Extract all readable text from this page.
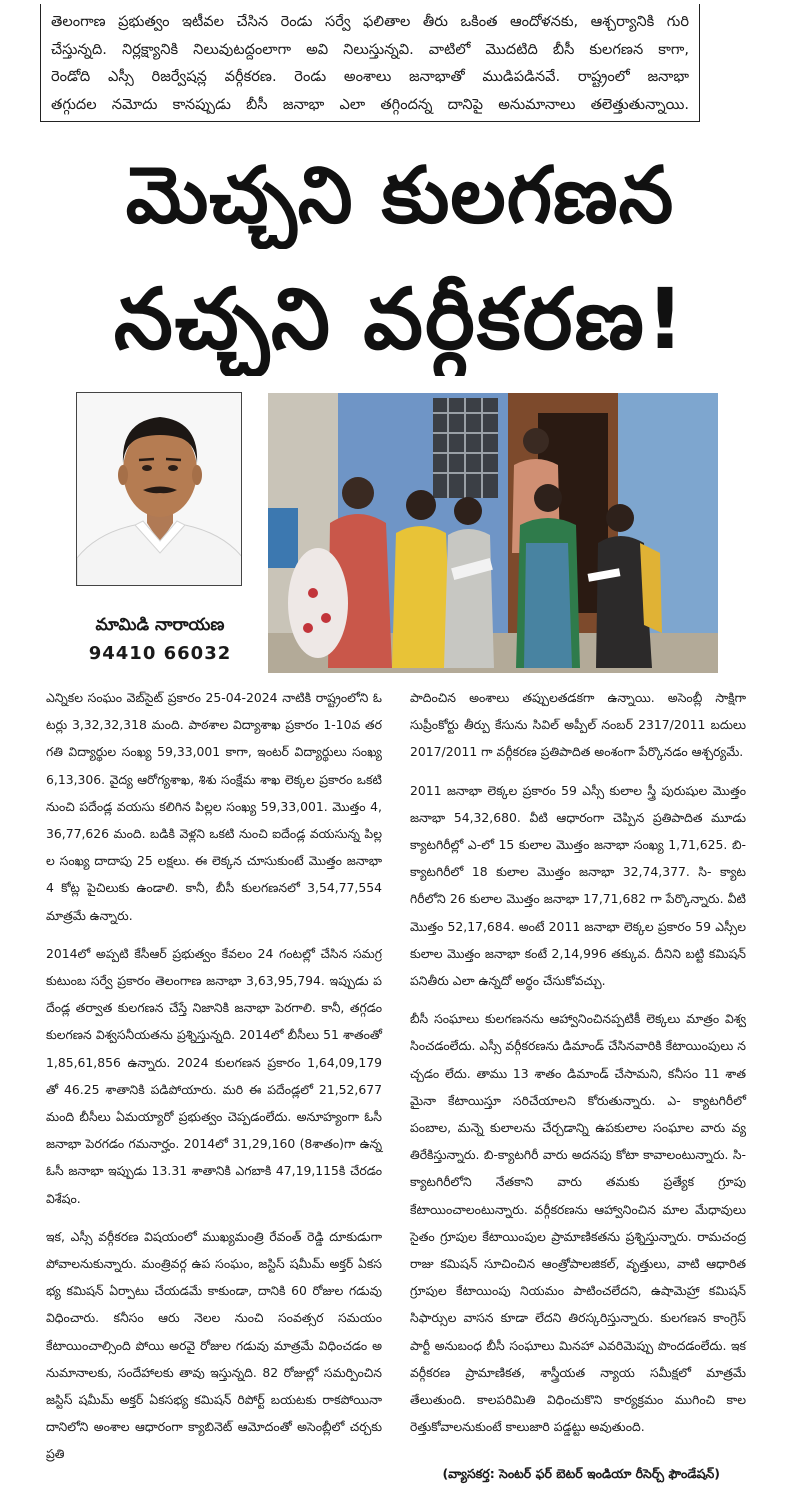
తెలంగాణ ప్రభుత్వం ఇటీవల చేసిన రెండు సర్వే ఫలితాల తీరు ఒకింత ఆందోళనకు, ఆశ్చర్యానికి గురి

చేస్తున్నది. నిర్లక్ష్యానికి నిలువుటద్దంలాగా అవి నిలుస్తున్నవి. వాటిలో మొదటిది బీసీ కులగణన కాగా,

రెండోది ఎస్సీ రిజర్వేషన్ల వర్గీకరణ. రెండు అంశాలు జనాభాతో ముడిపడినవే. రాష్ట్రంలో జనాభా

తగ్గుదల నమోదు కానప్పుడు బీసీ జనాభా ఎలా తగ్గిందన్న దానిపై అనుమానాలు తలెత్తుతున్నాయి.

మెచ్చని కులగణన
నచ్చని వర్గీకరణ!
మామిడి నారాయణ
94410 66032

ఎన్నికల సంఘం వెబ్‌సైట్ ప్రకారం 25-04-2024 నాటికి రాష్ట్రంలోని ఓటర్లు 3,32,32,318 మంది. పాఠశాల విద్యాశాఖ ప్రకారం 1-10వ తరగతి విద్యార్థుల సంఖ్య 59,33,001 కాగా, ఇంటర్ విద్యార్థులు సంఖ్య 6,13,306. వైద్య ఆరోగ్యశాఖ, శిశు సంక్షేమ శాఖ లెక్కల ప్రకారం ఒకటి నుంచి పదేండ్ల వయసు కలిగిన పిల్లల సంఖ్య 59,33,001. మొత్తం 4,36,77,626 మంది. బడికి వెళ్లని ఒకటి నుంచి ఐదేండ్ల వయసున్న పిల్లల సంఖ్య దాదాపు 25 లక్షలు. ఈ లెక్కన చూసుకుంటే మొత్తం జనాభా 4 కోట్ల పైచిలుకు ఉండాలి. కానీ, బీసీ కులగణనలో 3,54,77,554 మాత్రమే ఉన్నారు.

2014లో అప్పటి కేసీఆర్ ప్రభుత్వం కేవలం 24 గంటల్లో చేసిన సమగ్ర కుటుంబ సర్వే ప్రకారం తెలంగాణ జనాభా 3,63,95,794. ఇప్పుడు పదేండ్ల తర్వాత కులగణన చేస్తే నిజానికి జనాభా పెరగాలి. కానీ, తగ్గడం కులగణన విశ్వసనీయతను ప్రశ్నిస్తున్నది. 2014లో బీసీలు 51 శాతంతో 1,85,61,856 ఉన్నారు. 2024 కులగణన ప్రకారం 1,64,09,179 తో 46.25 శాతానికి పడిపోయారు. మరి ఈ పదేండ్లలో 21,52,677 మంది బీసీలు ఏమయ్యారో ప్రభుత్వం చెప్పడంలేదు. అనూహ్యంగా ఓసీ జనాభా పెరగడం గమనార్హం. 2014లో 31,29,160 (8శాతం)గా ఉన్న ఓసీ జనాభా ఇప్పుడు 13.31 శాతానికి ఎగబాకి 47,19,115కి చేరడం విశేషం.

ఇక, ఎస్సీ వర్గీకరణ విషయంలో ముఖ్యమంత్రి రేవంత్ రెడ్డి దూకుడుగా పోవాలనుకున్నారు. మంత్రివర్గ ఉప సంఘం, జస్టిస్ షమీమ్ అక్తర్ ఏకసభ్య కమిషన్ ఏర్పాటు చేయడమే కాకుండా, దానికి 60 రోజుల గడువు విధించారు. కనీసం ఆరు నెలల నుంచి సంవత్సర సమయం కేటాయించాల్సింది పోయి అరవై రోజుల గడువు మాత్రమే విధించడం అనుమానాలకు, సందేహాలకు తావు ఇస్తున్నది. 82 రోజుల్లో సమర్పించిన జస్టిస్ షమీమ్ అక్తర్ ఏకసభ్య కమిషన్ రిపోర్ట్ బయటకు రాకపోయినా దానిలోని అంశాల ఆధారంగా క్యాబినెట్ ఆమోదంతో అసెంబ్లీలో చర్చకు ప్రతి

పాదించిన అంశాలు తప్పులతడకగా ఉన్నాయి. అసెంబ్లీ సాక్షిగా సుప్రీంకోర్టు తీర్పు కేసును సివిల్ అప్పీల్ నంబర్ 2317/2011 బదులు 2017/2011 గా వర్గీకరణ ప్రతిపాదిత అంశంగా పేర్కొనడం ఆశ్చర్యమే.

2011 జనాభా లెక్కల ప్రకారం 59 ఎస్సీ కులాల స్త్రీ పురుషుల మొత్తం జనాభా 54,32,680. వీటి ఆధారంగా చెప్పిన ప్రతిపాదిత మూడు క్యాటగిరీల్లో ఎ-లో 15 కులాల మొత్తం జనాభా సంఖ్య 1,71,625. బి-క్యాటగిరీలో 18 కులాల మొత్తం జనాభా 32,74,377. సి- క్యాటగిరీలోని 26 కులాల మొత్తం జనాభా 17,71,682 గా పేర్కొన్నారు. వీటి మొత్తం 52,17,684. అంటే 2011 జనాభా లెక్కల ప్రకారం 59 ఎస్సీల కులాల మొత్తం జనాభా కంటే 2,14,996 తక్కువ. దీనిని బట్టి కమిషన్ పనితీరు ఎలా ఉన్నదో అర్థం చేసుకోవచ్చు.

బీసీ సంఘాలు కులగణనను ఆహ్వానించినప్పటికీ లెక్కలు మాత్రం విశ్వసించడంలేదు. ఎస్సీ వర్గీకరణను డిమాండ్ చేసినవారికి కేటాయింపులు నచ్చడం లేదు. తాము 13 శాతం డిమాండ్ చేసామని, కనీసం 11 శాతమైనా కేటాయిస్తూ సరిచేయాలని కోరుతున్నారు. ఎ- క్యాటగిరీలో పంబాల, మన్నె కులాలను చేర్చడాన్ని ఉపకులాల సంఘాల వారు వ్యతిరేకిస్తున్నారు. బి-క్యాటగిరీ వారు అదనపు కోటా కావాలంటున్నారు. సి- క్యాటగిరీలోని నేతకాని వారు తమకు ప్రత్యేక గ్రూపు కేటాయించాలంటున్నారు. వర్గీకరణను ఆహ్వానించిన మాల మేధావులు సైతం గ్రూపుల కేటాయింపుల ప్రామాణికతను ప్రశ్నిస్తున్నారు. రామచంద్రరాజు కమిషన్ సూచించిన ఆంత్రోపాలజికల్, వృత్తులు, వాటి ఆధారిత గ్రూపుల కేటాయింపు నియమం పాటించలేదని, ఉషామెహ్రా కమిషన్ సిఫార్సుల వాసన కూడా లేదని తిరస్కరిస్తున్నారు. కులగణన కాంగ్రెస్ పార్టీ అనుబంధ బీసీ సంఘాలు మినహా ఎవరిమెప్పు పొందడంలేదు. ఇక వర్గీకరణ ప్రామాణికత, శాస్త్రీయత న్యాయ సమీక్షలో మాత్రమే తేలుతుంది. కాలపరిమితి విధించుకొని కార్యక్రమం ముగించి కాలరెత్తుకోవాలనుకుంటే కాలుజారి పడ్డట్టు అవుతుంది.

(వ్యాసకర్త: సెంటర్ ఫర్ బెటర్ ఇండియా రీసెర్చ్ ఫౌండేషన్)
